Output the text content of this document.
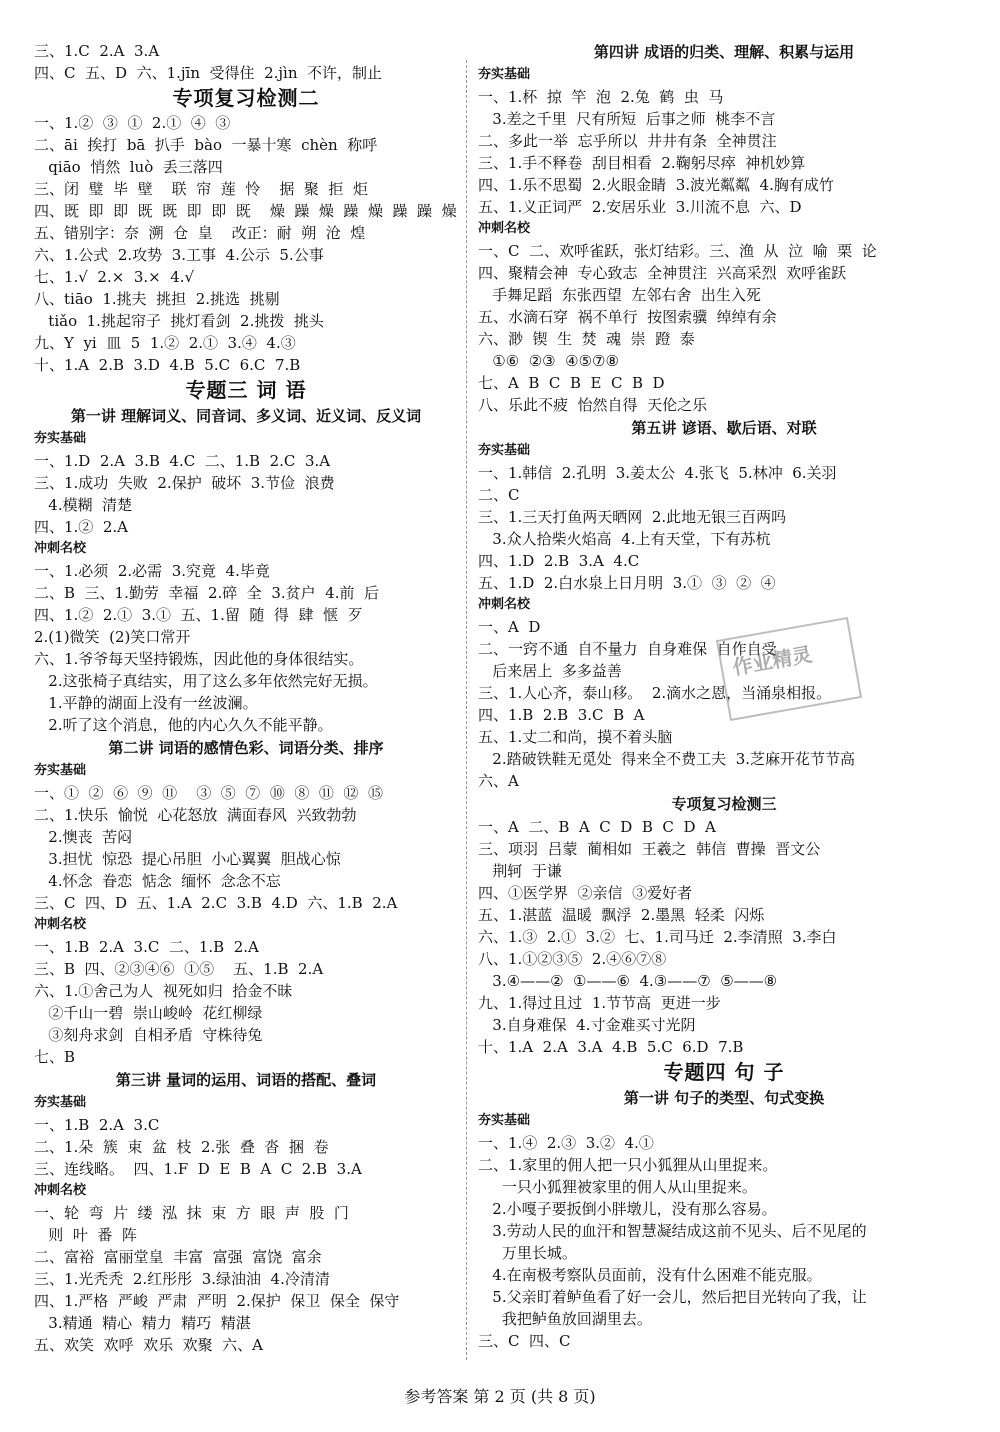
三、1.C  2.A  3.A
四、C  五、D  六、1.jīn  受得住  2.jìn  不许，制止
专项复习检测二
一、1.②  ③  ①  2.①  ④  ③
二、āi  挨打  bā  扒手  bào  一暴十寒  chèn  称呼
qiāo  悄然  luò  丢三落四
三、闭  璧  毕  壁    联  帘  莲  怜    据  聚  拒  炬
四、既  即  即  既  既  即  即  既    燥  躁  燥  躁  燥  躁  躁  燥
五、错别字：奈  溯  仓  皇    改正：耐  朔  沧  煌
六、1.公式  2.攻势  3.工事  4.公示  5.公事
七、1.√  2.×  3.×  4.√
八、tiāo  1.挑夫  挑担  2.挑选  挑剔
tiǎo  1.挑起帘子  挑灯看剑  2.挑拨  挑头
九、Y  yi  皿  5  1.②  2.①  3.④  4.③
十、1.A  2.B  3.D  4.B  5.C  6.C  7.B
专题三 词 语
第一讲 理解词义、同音词、多义词、近义词、反义词
夯实基础
一、1.D  2.A  3.B  4.C  二、1.B  2.C  3.A
三、1.成功  失败  2.保护  破坏  3.节俭  浪费
4.模糊  清楚
四、1.②  2.A
冲刺名校
一、1.必须  2.必需  3.究竟  4.毕竟
二、B  三、1.勤劳  幸福  2.碎  全  3.贫户  4.前  后
四、1.②  2.①  3.①  五、1.留  随  得  肆  惬  歹
2.(1)微笑  (2)笑口常开
六、1.爷爷每天坚持锻炼，因此他的身体很结实。
2.这张椅子真结实，用了这么多年依然完好无损。
1.平静的湖面上没有一丝波澜。
2.听了这个消息，他的内心久久不能平静。
第二讲 词语的感情色彩、词语分类、排序
夯实基础
一、①  ②  ⑥  ⑨  ⑪    ③  ⑤  ⑦  ⑩  ⑧  ⑪  ⑫  ⑮
二、1.快乐  愉悦  心花怒放  满面春风  兴致勃勃
2.懊丧  苦闷
3.担忧  惊恐  提心吊胆  小心翼翼  胆战心惊
4.怀念  眷恋  惦念  缅怀  念念不忘
三、C  四、D  五、1.A  2.C  3.B  4.D  六、1.B  2.A
冲刺名校
一、1.B  2.A  3.C  二、1.B  2.A
三、B  四、②③④⑥  ①⑤    五、1.B  2.A
六、1.①舍己为人  视死如归  拾金不昧
②千山一碧  崇山峻岭  花红柳绿
③刻舟求剑  自相矛盾  守株待兔
七、B
第三讲 量词的运用、词语的搭配、叠词
夯实基础
一、1.B  2.A  3.C
二、1.朵  簇  束  盆  枝  2.张  叠  沓  捆  卷
三、连线略。  四、1.F  D  E  B  A  C  2.B  3.A
冲刺名校
一、轮  弯  片  缕  泓  抹  束  方  眼  声  股  门
则  叶  番  阵
二、富裕  富丽堂皇  丰富  富强  富饶  富余
三、1.光秃秃  2.红彤彤  3.绿油油  4.冷清清
四、1.严格  严峻  严肃  严明  2.保护  保卫  保全  保守
3.精通  精心  精力  精巧  精湛
五、欢笑  欢呼  欢乐  欢聚  六、A
第四讲 成语的归类、理解、积累与运用
夯实基础
一、1.杯  掠  竿  泡  2.兔  鹤  虫  马
3.差之千里  尺有所短  后事之师  桃李不言
二、多此一举  忘乎所以  井井有条  全神贯注
三、1.手不释卷  刮目相看  2.鞠躬尽瘁  神机妙算
四、1.乐不思蜀  2.火眼金睛  3.波光粼粼  4.胸有成竹
五、1.义正词严  2.安居乐业  3.川流不息  六、D
冲刺名校
一、C  二、欢呼雀跃，张灯结彩。三、渔  从  泣  喻  栗  论
四、聚精会神  专心致志  全神贯注  兴高采烈  欢呼雀跃
手舞足蹈  东张西望  左邻右舍  出生入死
五、水滴石穿  祸不单行  按图索骥  绰绰有余
六、渺  锲  生  焚  魂  崇  蹬  泰
①⑥  ②③  ④⑤⑦⑧
七、A  B  C  B  E  C  B  D
八、乐此不疲  怡然自得  天伦之乐
第五讲 谚语、歇后语、对联
夯实基础
一、1.韩信  2.孔明  3.姜太公  4.张飞  5.林冲  6.关羽
二、C
三、1.三天打鱼两天晒网  2.此地无银三百两吗
3.众人拾柴火焰高  4.上有天堂，下有苏杭
四、1.D  2.B  3.A  4.C
五、1.D  2.白水泉上日月明  3.①  ③  ②  ④
冲刺名校
一、A  D
二、一窍不通  自不量力  自身难保  自作自受
后来居上  多多益善
三、1.人心齐，泰山移。  2.滴水之恩，当涌泉相报。
四、1.B  2.B  3.C  B  A
五、1.丈二和尚，摸不着头脑
2.踏破铁鞋无觅处  得来全不费工夫  3.芝麻开花节节高
六、A
专项复习检测三
一、A  二、B  A  C  D  B  C  D  A
三、项羽  吕蒙  蔺相如  王羲之  韩信  曹操  晋文公
荆轲  于谦
四、①医学界  ②亲信  ③爱好者
五、1.湛蓝  温暖  飘浮  2.墨黑  轻柔  闪烁
六、1.③  2.①  3.②  七、1.司马迁  2.李清照  3.李白
八、1.①②③⑤  2.④⑥⑦⑧
3.④——②  ①——⑥  4.③——⑦  ⑤——⑧
九、1.得过且过  1.节节高  更进一步
3.自身难保  4.寸金难买寸光阴
十、1.A  2.A  3.A  4.B  5.C  6.D  7.B
专题四 句 子
第一讲 句子的类型、句式变换
夯实基础
一、1.④  2.③  3.②  4.①
二、1.家里的佣人把一只小狐狸从山里捉来。
一只小狐狸被家里的佣人从山里捉来。
2.小嘎子要扳倒小胖墩儿，没有那么容易。
3.劳动人民的血汗和智慧凝结成这前不见头、后不见尾的
万里长城。
4.在南极考察队员面前，没有什么困难不能克服。
5.父亲盯着鲈鱼看了好一会儿，然后把目光转向了我，让
我把鲈鱼放回湖里去。
三、C  四、C
作业精灵
参考答案 第 2 页 (共 8 页)
